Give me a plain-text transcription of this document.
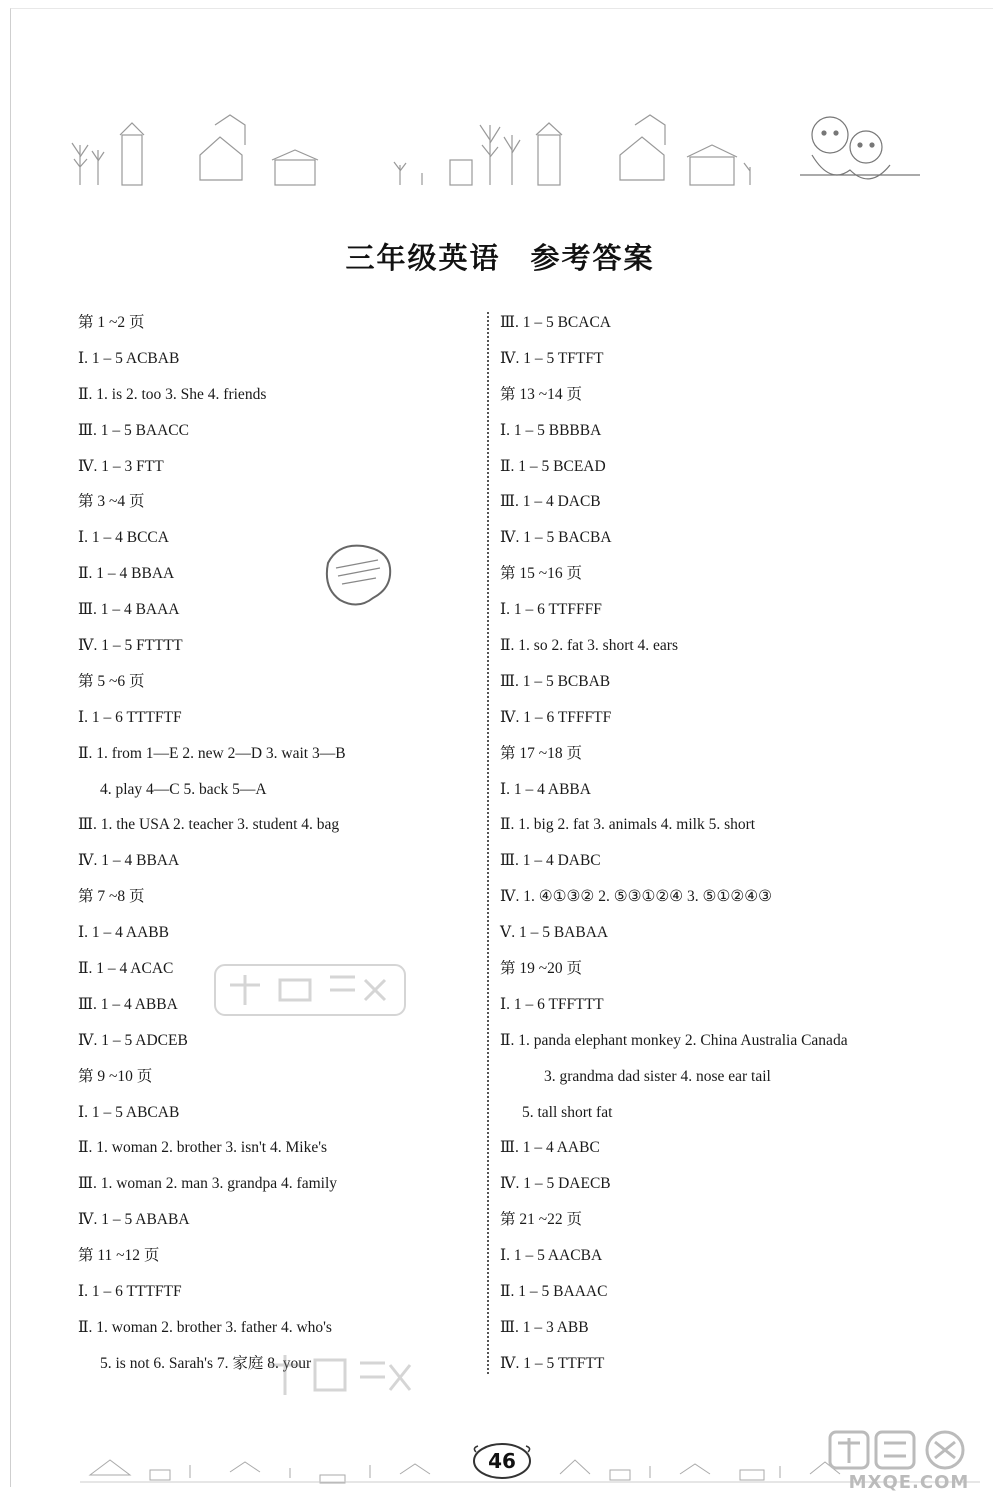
三年级英语 参考答案
第 1 ~2 页
Ⅰ. 1 – 5 ACBAB
Ⅱ. 1. is 2. too 3. She 4. friends
Ⅲ. 1 – 5 BAACC
Ⅳ. 1 – 3 FTT
第 3 ~4 页
Ⅰ. 1 – 4 BCCA
Ⅱ. 1 – 4 BBAA
Ⅲ. 1 – 4 BAAA
Ⅳ. 1 – 5 FTTTT
第 5 ~6 页
Ⅰ. 1 – 6 TTTFTF
Ⅱ. 1. from 1—E 2. new 2—D 3. wait 3—B
4. play 4—C 5. back 5—A
Ⅲ. 1. the USA 2. teacher 3. student 4. bag
Ⅳ. 1 – 4 BBAA
第 7 ~8 页
Ⅰ. 1 – 4 AABB
Ⅱ. 1 – 4 ACAC
Ⅲ. 1 – 4 ABBA
Ⅳ. 1 – 5 ADCEB
第 9 ~10 页
Ⅰ. 1 – 5 ABCAB
Ⅱ. 1. woman 2. brother 3. isn't 4. Mike's
Ⅲ. 1. woman 2. man 3. grandpa 4. family
Ⅳ. 1 – 5 ABABA
第 11 ~12 页
Ⅰ. 1 – 6 TTTFTF
Ⅱ. 1. woman 2. brother 3. father 4. who's
5. is not 6. Sarah's 7. 家庭 8. your
Ⅲ. 1 – 5 BCACA
Ⅳ. 1 – 5 TFTFT
第 13 ~14 页
Ⅰ. 1 – 5 BBBBA
Ⅱ. 1 – 5 BCEAD
Ⅲ. 1 – 4 DACB
Ⅳ. 1 – 5 BACBA
第 15 ~16 页
Ⅰ. 1 – 6 TTFFFF
Ⅱ. 1. so 2. fat 3. short 4. ears
Ⅲ. 1 – 5 BCBAB
Ⅳ. 1 – 6 TFFFTF
第 17 ~18 页
Ⅰ. 1 – 4 ABBA
Ⅱ. 1. big 2. fat 3. animals 4. milk 5. short
Ⅲ. 1 – 4 DABC
Ⅳ. 1. ④①③② 2. ⑤③①②④ 3. ⑤①②④③
Ⅴ. 1 – 5 BABAA
第 19 ~20 页
Ⅰ. 1 – 6 TFFTTT
Ⅱ. 1. panda elephant monkey 2. China Australia Canada
3. grandma dad sister 4. nose ear tail
5. tall short fat
Ⅲ. 1 – 4 AABC
Ⅳ. 1 – 5 DAECB
第 21 ~22 页
Ⅰ. 1 – 5 AACBA
Ⅱ. 1 – 5 BAAAC
Ⅲ. 1 – 3 ABB
Ⅳ. 1 – 5 TTFTT
46
MXQE.COM
